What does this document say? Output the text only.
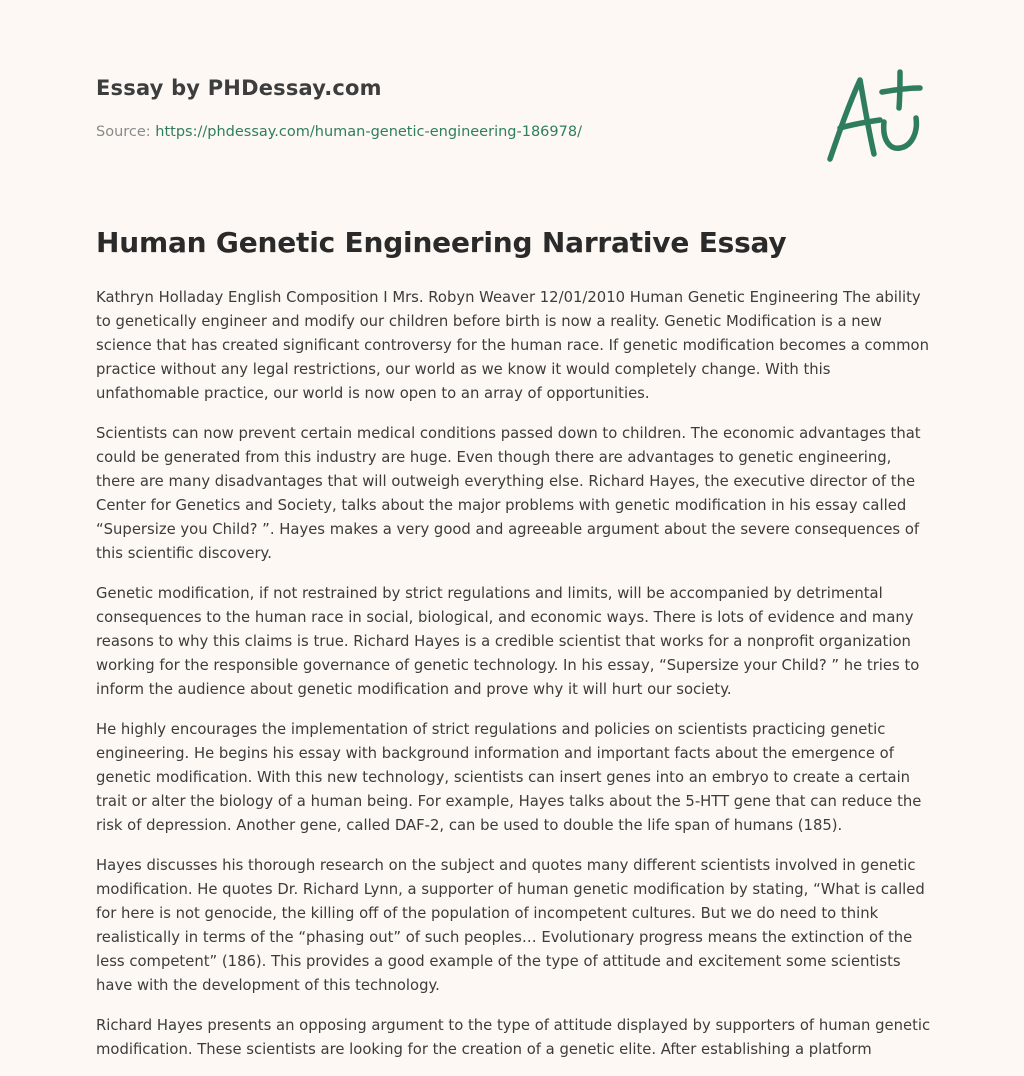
Essay by PHDessay.com
Source: https://phdessay.com/human-genetic-engineering-186978/
Human Genetic Engineering Narrative Essay

Kathryn Holladay English Composition I Mrs. Robyn Weaver 12/01/2010 Human Genetic Engineering The ability to genetically engineer and modify our children before birth is now a reality. Genetic Modification is a new science that has created significant controversy for the human race. If genetic modification becomes a common practice without any legal restrictions, our world as we know it would completely change. With this unfathomable practice, our world is now open to an array of opportunities.

Scientists can now prevent certain medical conditions passed down to children. The economic advantages that could be generated from this industry are huge. Even though there are advantages to genetic engineering, there are many disadvantages that will outweigh everything else. Richard Hayes, the executive director of the Center for Genetics and Society, talks about the major problems with genetic modification in his essay called “Supersize you Child? ”. Hayes makes a very good and agreeable argument about the severe consequences of this scientific discovery.

Genetic modification, if not restrained by strict regulations and limits, will be accompanied by detrimental consequences to the human race in social, biological, and economic ways. There is lots of evidence and many reasons to why this claims is true. Richard Hayes is a credible scientist that works for a nonprofit organization working for the responsible governance of genetic technology. In his essay, “Supersize your Child? ” he tries to inform the audience about genetic modification and prove why it will hurt our society.

He highly encourages the implementation of strict regulations and policies on scientists practicing genetic engineering. He begins his essay with background information and important facts about the emergence of genetic modification. With this new technology, scientists can insert genes into an embryo to create a certain trait or alter the biology of a human being. For example, Hayes talks about the 5-HTT gene that can reduce the risk of depression. Another gene, called DAF-2, can be used to double the life span of humans (185).

Hayes discusses his thorough research on the subject and quotes many different scientists involved in genetic modification. He quotes Dr. Richard Lynn, a supporter of human genetic modification by stating, “What is called for here is not genocide, the killing off of the population of incompetent cultures. But we do need to think realistically in terms of the “phasing out” of such peoples… Evolutionary progress means the extinction of the less competent” (186). This provides a good example of the type of attitude and excitement some scientists have with the development of this technology.

Richard Hayes presents an opposing argument to the type of attitude displayed by supporters of human genetic modification. These scientists are looking for the creation of a genetic elite. After establishing a platform
